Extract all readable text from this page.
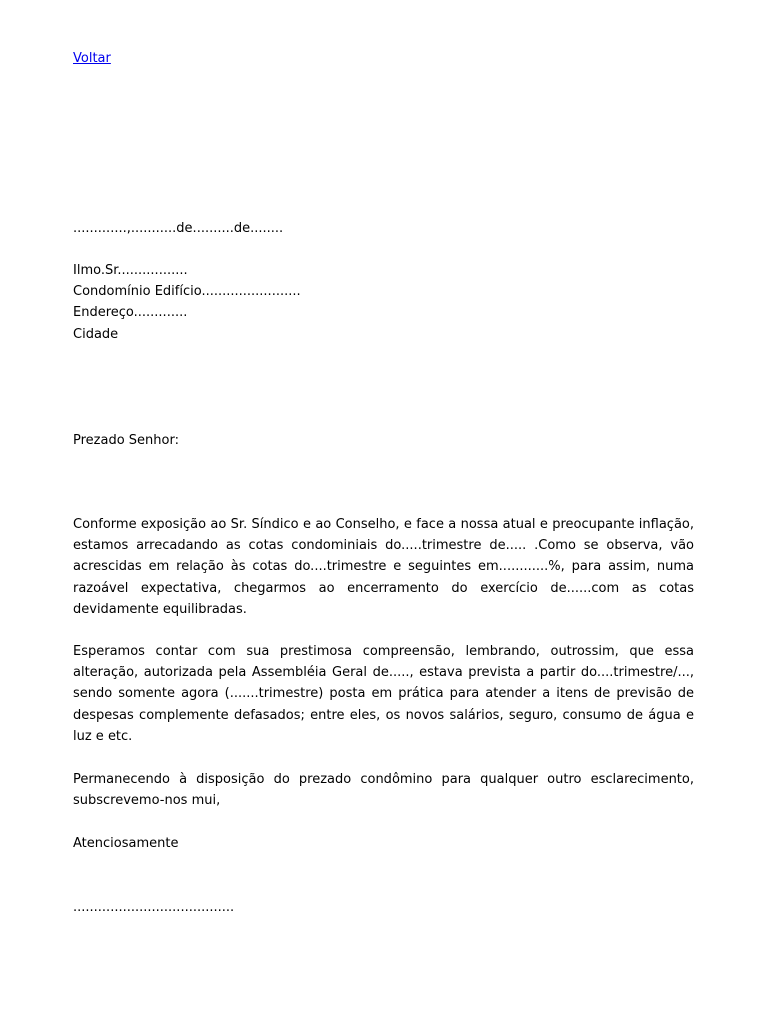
Voltar
.............,...........de..........de........
Ilmo.Sr.................
Condomínio Edifício........................
Endereço.............
Cidade
Prezado Senhor:
Conforme exposição ao Sr. Síndico e ao Conselho, e face a nossa atual e preocupante inflação, estamos arrecadando as cotas condominiais do.....trimestre de..... .Como se observa, vão acrescidas em relação às cotas do....trimestre e seguintes em............%, para assim, numa razoável expectativa, chegarmos ao encerramento do exercício de......com as cotas devidamente equilibradas.
Esperamos contar com sua prestimosa compreensão, lembrando, outrossim, que essa alteração, autorizada pela Assembléia Geral de....., estava prevista a partir do....trimestre/..., sendo somente agora (.......trimestre) posta em prática para atender a itens de previsão de despesas complemente defasados; entre eles, os novos salários, seguro, consumo de água e luz e etc.
Permanecendo à disposição do prezado condômino para qualquer outro esclarecimento, subscrevemo-nos mui,
Atenciosamente
.......................................
